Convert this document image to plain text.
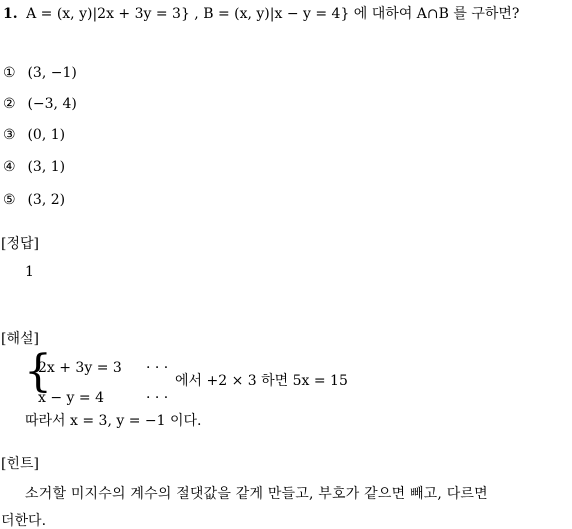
1. A = (x, y)|2x + 3y = 3} , B = (x, y)|x − y = 4} 에 대하여 A∩B 를 구하면?
① (3, −1)
② (−3, 4)
③ (0, 1)
④ (3, 1)
⑤ (3, 2)
[정답]
1
[해설]
{
2x + 3y = 3 · · ·
x − y = 4	· · ·
에서 +2 × 3 하면 5x = 15
따라서 x = 3, y = −1 이다.
[힌트]
소거할 미지수의 계수의 절댓값을 같게 만들고, 부호가 같으면 빼고, 다르면
더한다.
